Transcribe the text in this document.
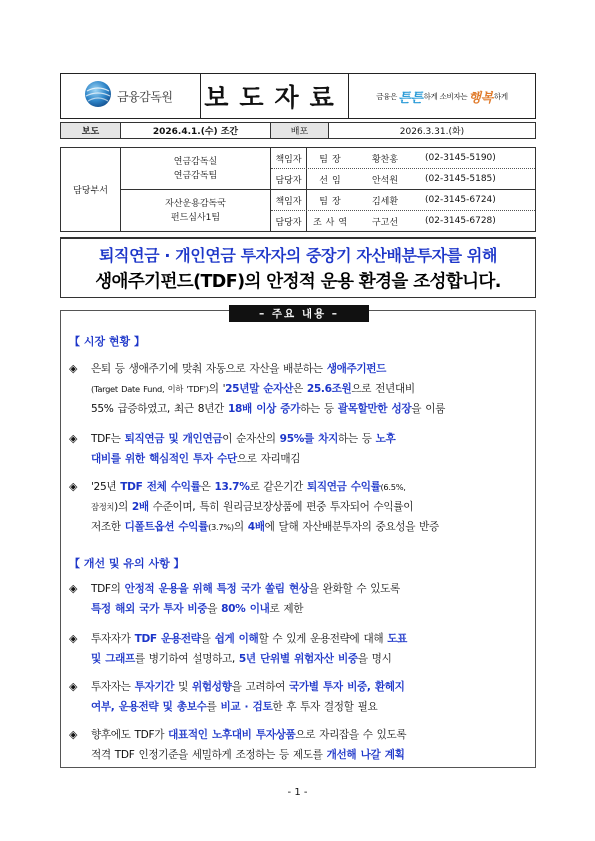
금융감독원 보도자료	금융은 튼튼 하게 소비자는 행복 하게
보도	2026.4.1.(수) 조간	배포	2026.3.31.(화)
담당부서
연금감독실
연금감독팀
책임자	팀장	황찬홍	(02-3145-5190)
담당자	선임	안석원	(02-3145-5185)
자산운용감독국
펀드심사1팀
책임자	팀장	김세환	(02-3145-6724)
담당자	조사역	구고선	(02-3145-6728)
퇴직연금 · 개인연금 투자자의 중장기 자산배분투자를 위해
생애주기펀드(TDF)의 안정적 운용 환경을 조성합니다.
– 주요 내용 –
【 시장 현황 】
◈ 은퇴 등 생애주기에 맞춰 자동으로 자산을 배분하는 생애주기펀드
(Target Date Fund, 이하 'TDF')의 '25년말 순자산은 25.6조원으로 전년대비
55% 급증하였고, 최근 8년간 18배 이상 증가하는 등 괄목할만한 성장을 이룸
◈ TDF는 퇴직연금 및 개인연금이 순자산의 95%를 차지하는 등 노후
대비를 위한 핵심적인 투자 수단으로 자리매김
◈ '25년 TDF 전체 수익률은 13.7%로 같은기간 퇴직연금 수익률(6.5%,
잠정치)의 2배 수준이며, 특히 원리금보장상품에 편중 투자되어 수익률이
저조한 디폴트옵션 수익률(3.7%)의 4배에 달해 자산배분투자의 중요성을 반증
【 개선 및 유의 사항 】
◈ TDF의 안정적 운용을 위해 특정 국가 쏠림 현상을 완화할 수 있도록
특정 해외 국가 투자 비중을 80% 이내로 제한
◈ 투자자가 TDF 운용전략을 쉽게 이해할 수 있게 운용전략에 대해 도표
및 그래프를 병기하여 설명하고, 5년 단위별 위험자산 비중을 명시
◈ 투자자는 투자기간 및 위험성향을 고려하여 국가별 투자 비중, 환헤지
여부, 운용전략 및 총보수를 비교 · 검토한 후 투자 결정할 필요
◈ 향후에도 TDF가 대표적인 노후대비 투자상품으로 자리잡을 수 있도록
적격 TDF 인정기준을 세밀하게 조정하는 등 제도를 개선해 나갈 계획
- 1 -
